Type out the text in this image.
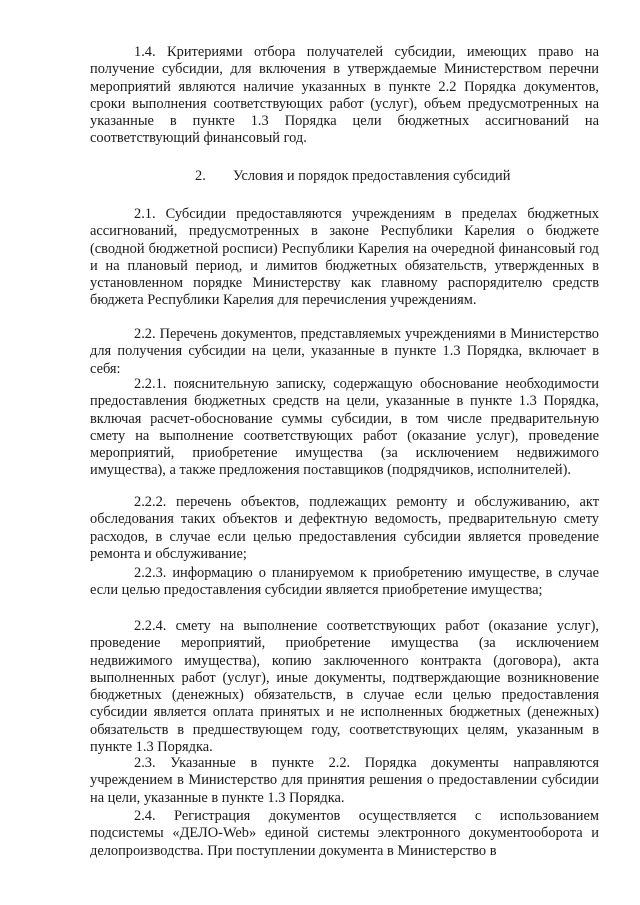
1.4. Критериями отбора получателей субсидии, имеющих право на получение субсидии, для включения в утверждаемые Министерством перечни мероприятий являются наличие указанных в пункте 2.2 Порядка документов, сроки выполнения соответствующих работ (услуг), объем предусмотренных на указанные в пункте 1.3 Порядка цели бюджетных ассигнований на соответствующий финансовый год.

2. Условия и порядок предоставления субсидий

2.1. Субсидии предоставляются учреждениям в пределах бюджетных ассигнований, предусмотренных в законе Республики Карелия о бюджете (сводной бюджетной росписи) Республики Карелия на очередной финансовый год и на плановый период, и лимитов бюджетных обязательств, утвержденных в установленном порядке Министерству как главному распорядителю средств бюджета Республики Карелия для перечисления учреждениям.

2.2. Перечень документов, представляемых учреждениями в Министерство для получения субсидии на цели, указанные в пункте 1.3 Порядка, включает в себя:

2.2.1. пояснительную записку, содержащую обоснование необходимости предоставления бюджетных средств на цели, указанные в пункте 1.3 Порядка, включая расчет-обоснование суммы субсидии, в том числе предварительную смету на выполнение соответствующих работ (оказание услуг), проведение мероприятий, приобретение имущества (за исключением недвижимого имущества), а также предложения поставщиков (подрядчиков, исполнителей).

2.2.2. перечень объектов, подлежащих ремонту и обслуживанию, акт обследования таких объектов и дефектную ведомость, предварительную смету расходов, в случае если целью предоставления субсидии является проведение ремонта и обслуживание;

2.2.3. информацию о планируемом к приобретению имуществе, в случае если целью предоставления субсидии является приобретение имущества;

2.2.4. смету на выполнение соответствующих работ (оказание услуг), проведение мероприятий, приобретение имущества (за исключением недвижимого имущества), копию заключенного контракта (договора), акта выполненных работ (услуг), иные документы, подтверждающие возникновение бюджетных (денежных) обязательств, в случае если целью предоставления субсидии является оплата принятых и не исполненных бюджетных (денежных) обязательств в предшествующем году, соответствующих целям, указанным в пункте 1.3 Порядка.

2.3. Указанные в пункте 2.2. Порядка документы направляются учреждением в Министерство для принятия решения о предоставлении субсидии на цели, указанные в пункте 1.3 Порядка.

2.4. Регистрация документов осуществляется с использованием подсистемы «ДЕЛО-Web» единой системы электронного документооборота и делопроизводства. При поступлении документа в Министерство в
